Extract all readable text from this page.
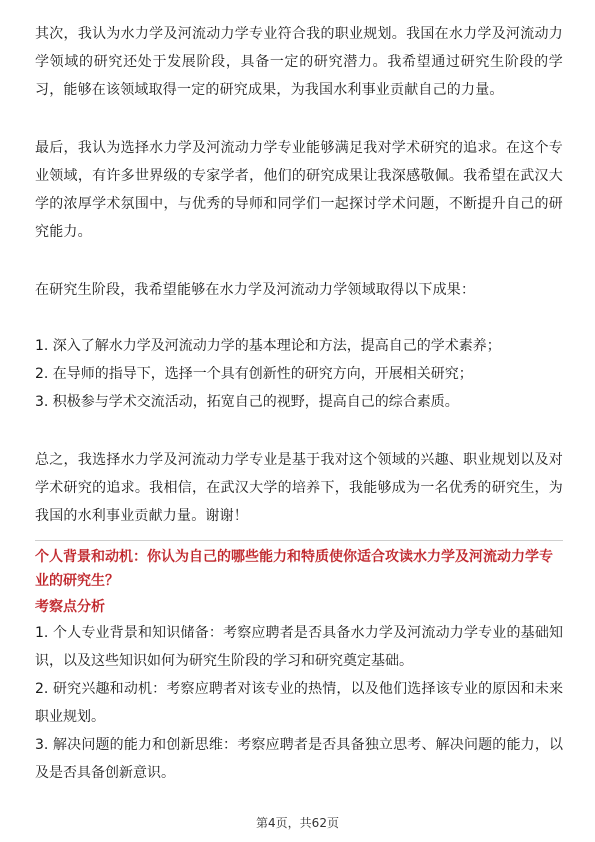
其次，我认为水力学及河流动力学专业符合我的职业规划。我国在水力学及河流动力学领域的研究还处于发展阶段，具备一定的研究潜力。我希望通过研究生阶段的学习，能够在该领域取得一定的研究成果，为我国水利事业贡献自己的力量。

最后，我认为选择水力学及河流动力学专业能够满足我对学术研究的追求。在这个专业领域，有许多世界级的专家学者，他们的研究成果让我深感敬佩。我希望在武汉大学的浓厚学术氛围中，与优秀的导师和同学们一起探讨学术问题，不断提升自己的研究能力。

在研究生阶段，我希望能够在水力学及河流动力学领域取得以下成果：

1. 深入了解水力学及河流动力学的基本理论和方法，提高自己的学术素养；

2. 在导师的指导下，选择一个具有创新性的研究方向，开展相关研究；

3. 积极参与学术交流活动，拓宽自己的视野，提高自己的综合素质。

总之，我选择水力学及河流动力学专业是基于我对这个领域的兴趣、职业规划以及对学术研究的追求。我相信，在武汉大学的培养下，我能够成为一名优秀的研究生，为我国的水利事业贡献力量。谢谢！

个人背景和动机：你认为自己的哪些能力和特质使你适合攻读水力学及河流动力学专业的研究生？

考察点分析

1. 个人专业背景和知识储备：考察应聘者是否具备水力学及河流动力学专业的基础知识，以及这些知识如何为研究生阶段的学习和研究奠定基础。

2. 研究兴趣和动机：考察应聘者对该专业的热情，以及他们选择该专业的原因和未来职业规划。

3. 解决问题的能力和创新思维：考察应聘者是否具备独立思考、解决问题的能力，以及是否具备创新意识。

第4页，共62页
